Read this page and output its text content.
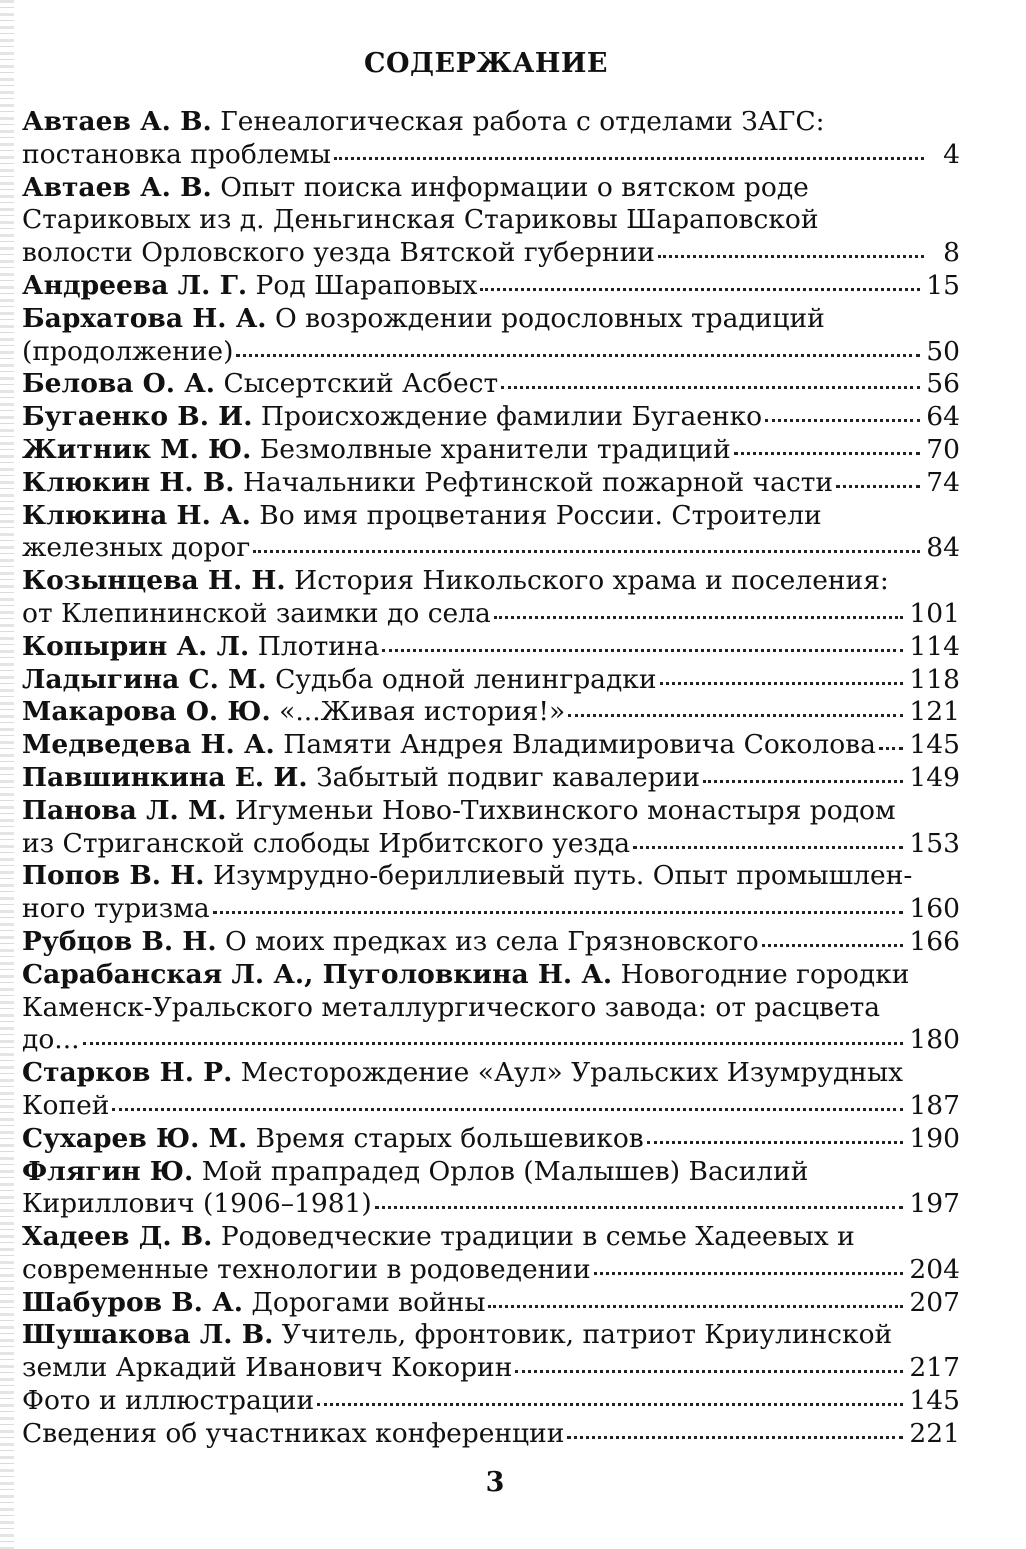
СОДЕРЖАНИЕ
Автаев А. В. Генеалогическая работа с отделами ЗАГС:
постановка проблемы	4
Автаев А. В. Опыт поиска информации о вятском роде
Стариковых из д. Деньгинская Стариковы Шараповской
волости Орловского уезда Вятской губернии	8
Андреева Л. Г. Род Шараповых	15
Бархатова Н. А. О возрождении родословных традиций
(продолжение)	50
Белова О. А. Сысертский Асбест	56
Бугаенко В. И. Происхождение фамилии Бугаенко	64
Житник М. Ю. Безмолвные хранители традиций	70
Клюкин Н. В. Начальники Рефтинской пожарной части	74
Клюкина Н. А. Во имя процветания России. Строители
железных дорог	84
Козынцева Н. Н. История Никольского храма и поселения:
от Клепининской заимки до села	101
Копырин А. Л. Плотина	114
Ладыгина С. М. Судьба одной ленинградки	118
Макарова О. Ю. «...Живая история!»	121
Медведева Н. А. Памяти Андрея Владимировича Соколова 145
Павшинкина Е. И. Забытый подвиг кавалерии	149
Панова Л. М. Игуменьи Ново-Тихвинского монастыря родом
из Стриганской слободы Ирбитского уезда	153
Попов В. Н. Изумрудно-бериллиевый путь. Опыт промышлен-
ного туризма	160
Рубцов В. Н. О моих предках из села Грязновского	166
Сарабанская Л. А., Пуголовкина Н. А. Новогодние городки
Каменск-Уральского металлургического завода: от расцвета
до...	180
Старков Н. Р. Месторождение «Аул» Уральских Изумрудных
Копей	187
Сухарев Ю. М. Время старых большевиков	190
Флягин Ю. Мой прапрадед Орлов (Малышев) Василий
Кириллович (1906–1981)	197
Хадеев Д. В. Родоведческие традиции в семье Хадеевых и
современные технологии в родоведении	204
Шабуров В. А. Дорогами войны	207
Шушакова Л. В. Учитель, фронтовик, патриот Криулинской
земли Аркадий Иванович Кокорин	217
Фото и иллюстрации	145
Сведения об участниках конференции	221
3
